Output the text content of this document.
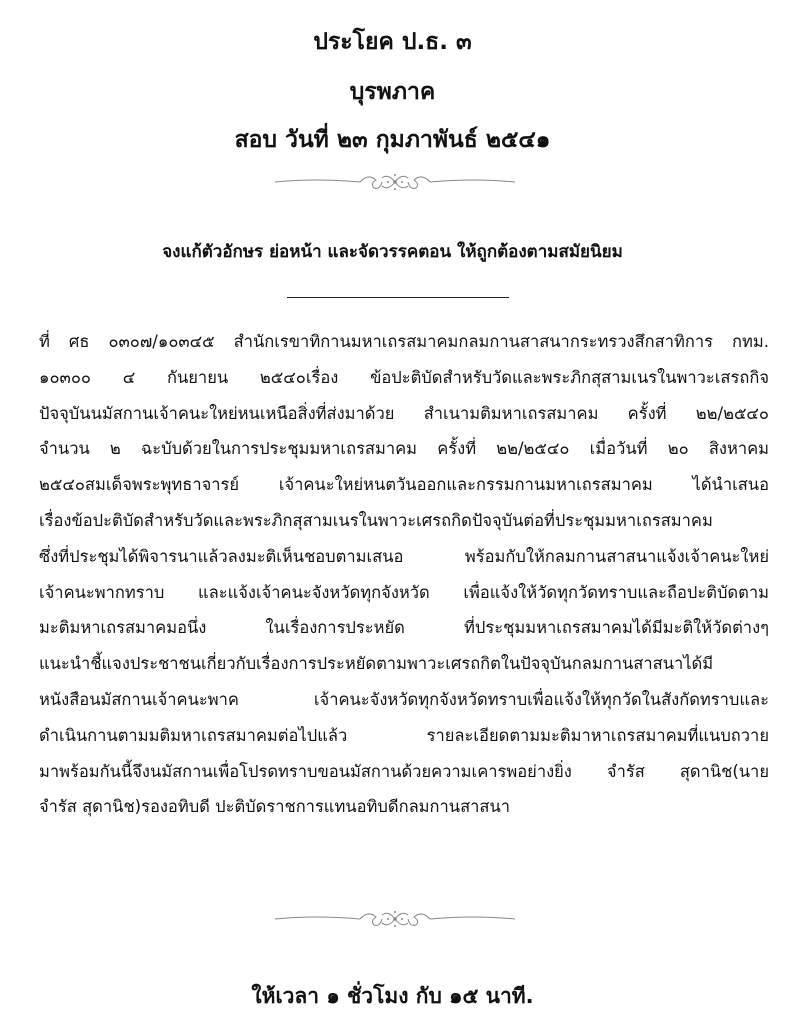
ประโยค ป.ธ. ๓
บุรพภาค
สอบ วันที่ ๒๓ กุมภาพันธ์ ๒๕๔๑
จงแก้ตัวอักษร ย่อหน้า และจัดวรรคตอน ให้ถูกต้องตามสมัยนิยม
ที่ ศธ ๐๓๐๗/๑๐๓๔๕ สำนักเรขาทิกานมหาเถรสมาคมกลมกานสาสนากระทรวงสึกสาทิการ กทม.
๑๐๓๐๐ ๔ กันยายน ๒๕๔๐เรื่อง ข้อปะติบัดสำหรับวัดและพระภิกสุสามเนรในพาวะเสรถกิจ
ปัจจุบันนมัสกานเจ้าคนะใหย่หนเหนือสิ่งที่ส่งมาด้วย สำเนามติมหาเถรสมาคม ครั้งที่ ๒๒/๒๕๔๐
จำนวน ๒ ฉะบับด้วยในการประชุมมหาเถรสมาคม ครั้งที่ ๒๒/๒๕๔๐ เมื่อวันที่ ๒๐ สิงหาคม
๒๕๔๐สมเด็จพระพุทธาจารย์ เจ้าคนะใหย่หนตวันออกและกรรมกานมหาเถรสมาคม ได้นำเสนอ
เรื่องข้อปะติบัดสำหรับวัดและพระภิกสุสามเนรในพาวะเศรถกิดปัจจุบันต่อที่ประชุมมหาเถรสมาคม
ซึ่งที่ประชุมได้พิจารนาแล้วลงมะติเห็นชอบตามเสนอ พร้อมกับให้กลมกานสาสนาแจ้งเจ้าคนะใหย่
เจ้าคนะพากทราบ และแจ้งเจ้าคนะจังหวัดทุกจังหวัด เพื่อแจ้งให้วัดทุกวัดทราบและถือปะติบัดตาม
มะติมหาเถรสมาคมอนึ่ง ในเรื่องการประหยัด ที่ประชุมมหาเถรสมาคมได้มีมะติให้วัดต่างๆ
แนะนำชี้แจงประชาชนเกี่ยวกับเรื่องการประหยัดตามพาวะเศรถกิตในปัจจุบันกลมกานสาสนาได้มี
หนังสือนมัสกานเจ้าคนะพาค เจ้าคนะจังหวัดทุกจังหวัดทราบเพื่อแจ้งให้ทุกวัดในสังกัดทราบและ
ดำเนินกานตามมติมหาเถรสมาคมต่อไปแล้ว รายละเอียดตามมะติมาหาเถรสมาคมที่แนบถวาย
มาพร้อมกันนี้จึงนมัสกานเพื่อโปรดทราบขอนมัสกานด้วยความเคารพอย่างยิ่ง จำรัส สุดานิช(นาย
จำรัส สุดานิช)รองอทิบดี ปะติบัดราชการแทนอทิบดีกลมกานสาสนา
ให้เวลา ๑ ชั่วโมง กับ ๑๕ นาที.
